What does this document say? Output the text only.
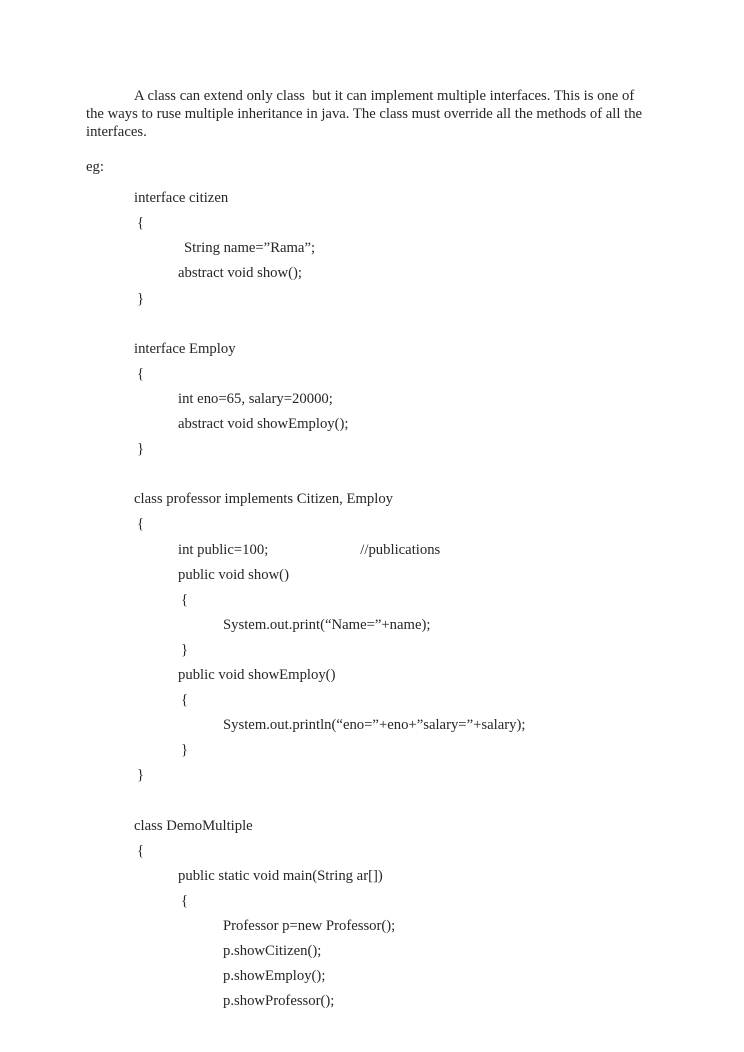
A class can extend only class  but it can implement multiple interfaces. This is one of the ways to ruse multiple inheritance in java. The class must override all the methods of all the interfaces.

eg:
interface citizen
{
String name=”Rama”;
abstract void show();
}
interface Employ
{
int eno=65, salary=20000;
abstract void showEmploy();
}
class professor implements Citizen, Employ
{
int public=100;	//publications
public void show()
{
System.out.print(“Name=”+name);
}
public void showEmploy()
{
System.out.println(“eno=”+eno+”salary=”+salary);
}
}
class DemoMultiple
{
public static void main(String ar[])
{
Professor p=new Professor();
p.showCitizen();
p.showEmploy();
p.showProfessor();
